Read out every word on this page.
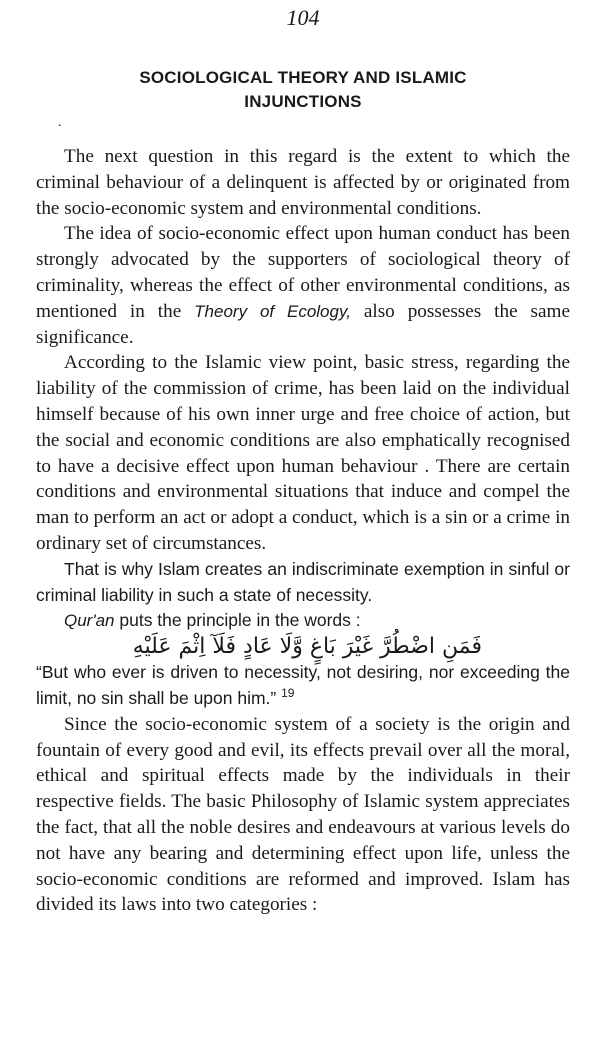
104
SOCIOLOGICAL THEORY AND ISLAMIC
INJUNCTIONS
.

The next question in this regard is the extent to which the criminal behaviour of a delinquent is affected by or originated from the socio-economic system and environmental conditions.

The idea of socio-economic effect upon human conduct has been strongly advocated by the supporters of sociological theory of criminality, whereas the effect of other environmental conditions, as mentioned in the Theory of Ecology, also possesses the same significance.

According to the Islamic view point, basic stress, regarding the liability of the commission of crime, has been laid on the individual himself because of his own inner urge and free choice of action, but the social and economic conditions are also emphatically recognised to have a decisive effect upon human behaviour . There are certain conditions and environmental situations that induce and compel the man to perform an act or adopt a conduct, which is a sin or a crime in ordinary set of circumstances.

That is why Islam creates an indiscriminate exemption in sinful or criminal liability in such a state of necessity.

Qur'an puts the principle in the words :

فَمَنِ اضْطُرَّ غَيْرَ بَاغٍ وَّلَا عَادٍ فَلَآ اِثْمَ عَلَيْهِ

“But who ever is driven to necessity, not desiring, nor exceeding the limit, no sin shall be upon him.” $^{19}$

Since the socio-economic system of a society is the origin and fountain of every good and evil, its effects prevail over all the moral, ethical and spiritual effects made by the individuals in their respective fields. The basic Philosophy of Islamic system appreciates the fact, that all the noble desires and endeavours at various levels do not have any bearing and determining effect upon life, unless the socio-economic conditions are reformed and improved. Islam has divided its laws into two categories :
